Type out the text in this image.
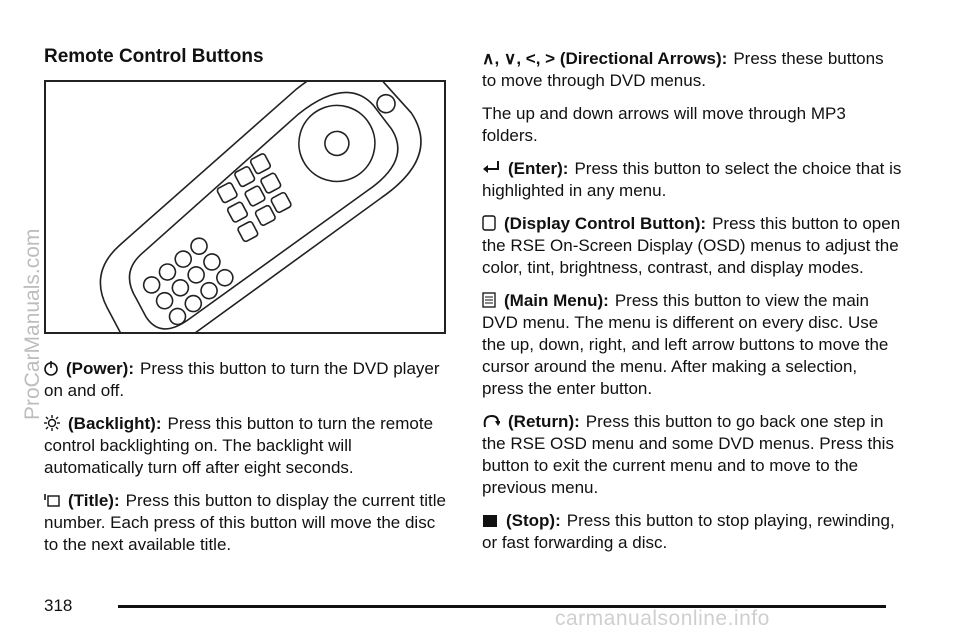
Remote Control Buttons

(Power): Press this button to turn the DVD player on and off.

(Backlight): Press this button to turn the remote control backlighting on. The backlight will automatically turn off after eight seconds.

(Title): Press this button to display the current title number. Each press of this button will move the disc to the next available title.

∧, ∨, <, > (Directional Arrows): Press these buttons to move through DVD menus.

The up and down arrows will move through MP3 folders.

(Enter): Press this button to select the choice that is highlighted in any menu.

(Display Control Button): Press this button to open the RSE On-Screen Display (OSD) menus to adjust the color, tint, brightness, contrast, and display modes.

(Main Menu): Press this button to view the main DVD menu. The menu is different on every disc. Use the up, down, right, and left arrow buttons to move the cursor around the menu. After making a selection, press the enter button.

(Return): Press this button to go back one step in the RSE OSD menu and some DVD menus. Press this button to exit the current menu and to move to the previous menu.

(Stop): Press this button to stop playing, rewinding, or fast forwarding a disc.

318
carmanualsonline.info
ProCarManuals.com
